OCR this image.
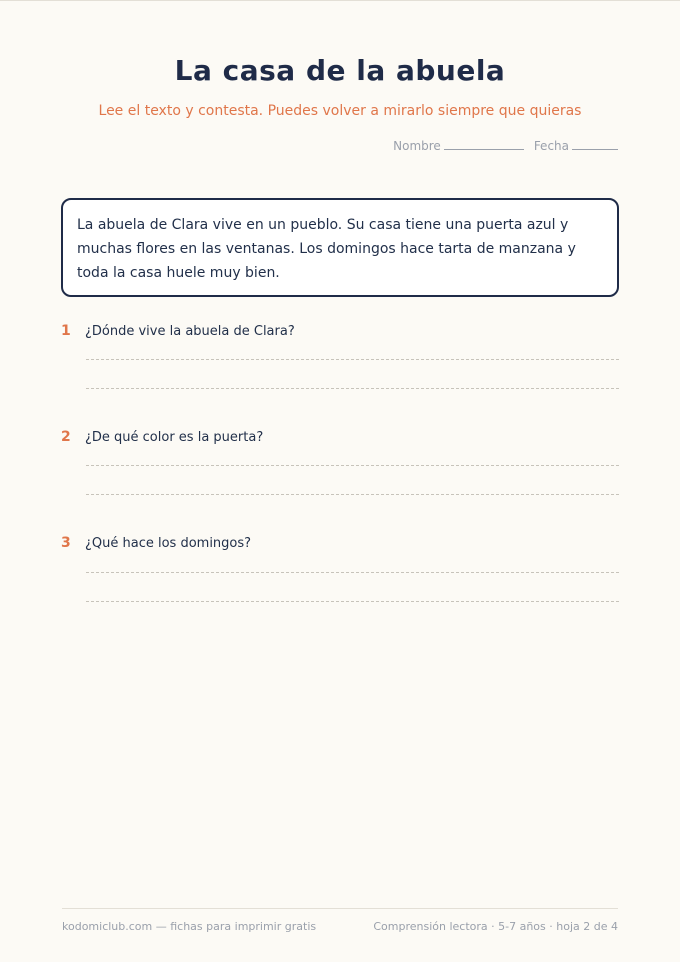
La casa de la abuela
Lee el texto y contesta. Puedes volver a mirarlo siempre que quieras
Nombre	Fecha
La abuela de Clara vive en un pueblo. Su casa tiene una puerta azul y
muchas flores en las ventanas. Los domingos hace tarta de manzana y
toda la casa huele muy bien.
1	¿Dónde vive la abuela de Clara?
2	¿De qué color es la puerta?
3	¿Qué hace los domingos?
kodomiclub.com — fichas para imprimir gratis	Comprensión lectora · 5-7 años · hoja 2 de 4
